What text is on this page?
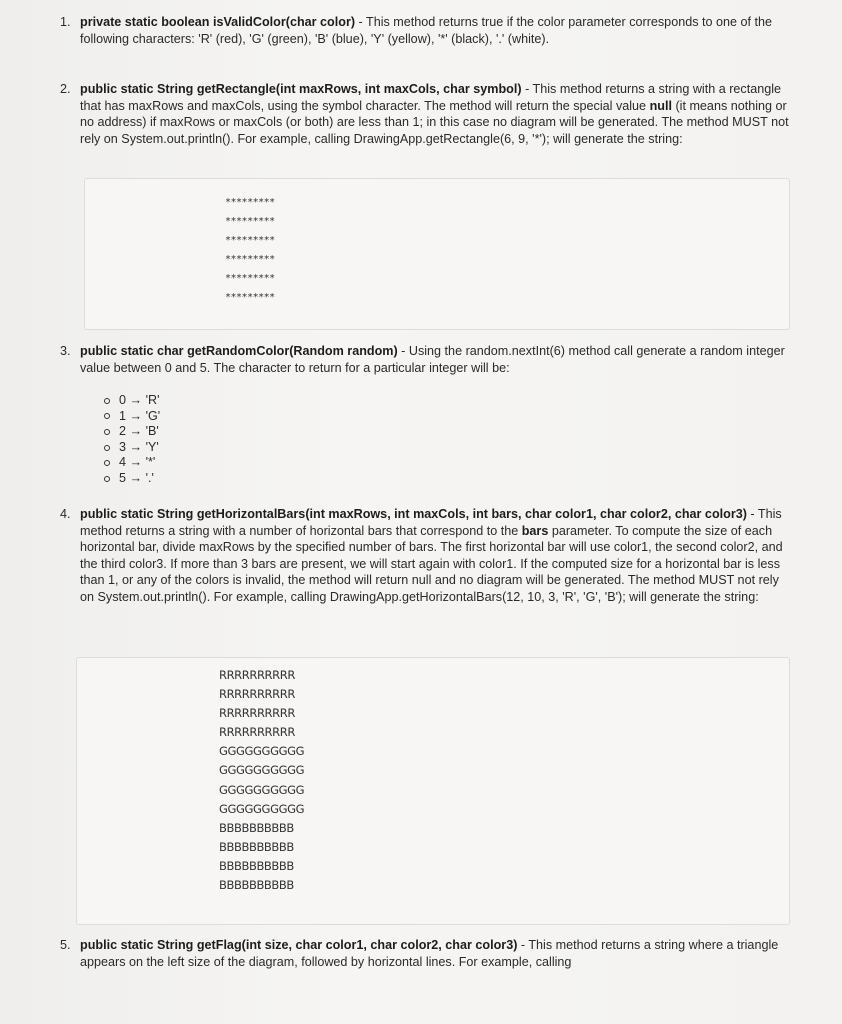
1. private static boolean isValidColor(char color) - This method returns true if the color parameter corresponds to one of the following characters: 'R' (red), 'G' (green), 'B' (blue), 'Y' (yellow), '*' (black), '.' (white).
2. public static String getRectangle(int maxRows, int maxCols, char symbol) - This method returns a string with a rectangle that has maxRows and maxCols, using the symbol character. The method will return the special value null (it means nothing or no address) if maxRows or maxCols (or both) are less than 1; in this case no diagram will be generated. The method MUST not rely on System.out.println(). For example, calling DrawingApp.getRectangle(6, 9, '*'); will generate the string:
*********
*********
*********
*********
*********
*********
3. public static char getRandomColor(Random random) - Using the random.nextInt(6) method call generate a random integer value between 0 and 5. The character to return for a particular integer will be:
0 → 'R'
1 → 'G'
2 → 'B'
3 → 'Y'
4 → '*'
5 → '.'
4. public static String getHorizontalBars(int maxRows, int maxCols, int bars, char color1, char color2, char color3) - This method returns a string with a number of horizontal bars that correspond to the bars parameter. To compute the size of each horizontal bar, divide maxRows by the specified number of bars. The first horizontal bar will use color1, the second color2, and the third color3. If more than 3 bars are present, we will start again with color1. If the computed size for a horizontal bar is less than 1, or any of the colors is invalid, the method will return null and no diagram will be generated. The method MUST not rely on System.out.println(). For example, calling DrawingApp.getHorizontalBars(12, 10, 3, 'R', 'G', 'B'); will generate the string:
RRRRRRRRRR
RRRRRRRRRR
RRRRRRRRRR
RRRRRRRRRR
GGGGGGGGGG
GGGGGGGGGG
GGGGGGGGGG
GGGGGGGGGG
BBBBBBBBBB
BBBBBBBBBB
BBBBBBBBBB
BBBBBBBBBB
5. public static String getFlag(int size, char color1, char color2, char color3) - This method returns a string where a triangle appears on the left size of the diagram, followed by horizontal lines. For example, calling
